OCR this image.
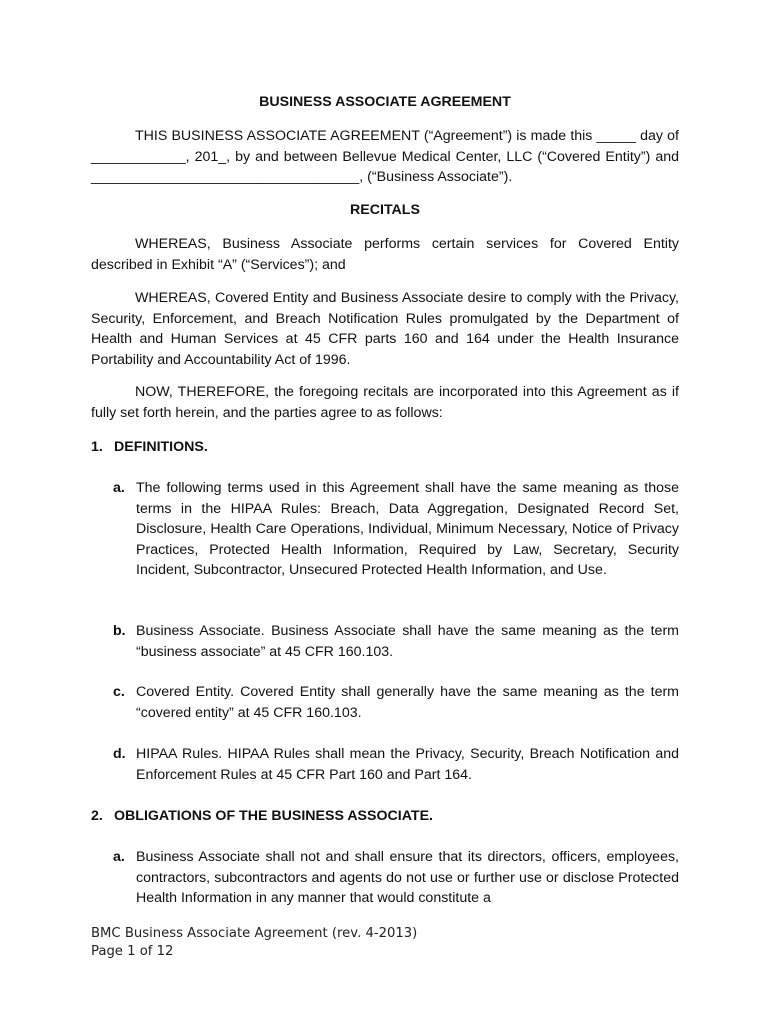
BUSINESS ASSOCIATE AGREEMENT

THIS BUSINESS ASSOCIATE AGREEMENT (“Agreement”) is made this _____ day of ____________, 201_, by and between Bellevue Medical Center, LLC (“Covered Entity”) and __________________________________, (“Business Associate”).

RECITALS

WHEREAS, Business Associate performs certain services for Covered Entity described in Exhibit “A” (“Services”); and

WHEREAS, Covered Entity and Business Associate desire to comply with the Privacy, Security, Enforcement, and Breach Notification Rules promulgated by the Department of Health and Human Services at 45 CFR parts 160 and 164 under the Health Insurance Portability and Accountability Act of 1996.

NOW, THEREFORE, the foregoing recitals are incorporated into this Agreement as if fully set forth herein, and the parties agree to as follows:

1. DEFINITIONS.

a. The following terms used in this Agreement shall have the same meaning as those terms in the HIPAA Rules: Breach, Data Aggregation, Designated Record Set, Disclosure, Health Care Operations, Individual, Minimum Necessary, Notice of Privacy Practices, Protected Health Information, Required by Law, Secretary, Security Incident, Subcontractor, Unsecured Protected Health Information, and Use.
b. Business Associate. Business Associate shall have the same meaning as the term “business associate” at 45 CFR 160.103.
c. Covered Entity. Covered Entity shall generally have the same meaning as the term “covered entity” at 45 CFR 160.103.
d. HIPAA Rules. HIPAA Rules shall mean the Privacy, Security, Breach Notification and Enforcement Rules at 45 CFR Part 160 and Part 164.

2. OBLIGATIONS OF THE BUSINESS ASSOCIATE.

a. Business Associate shall not and shall ensure that its directors, officers, employees, contractors, subcontractors and agents do not use or further use or disclose Protected Health Information in any manner that would constitute a
BMC Business Associate Agreement (rev. 4-2013)
Page 1 of 12
